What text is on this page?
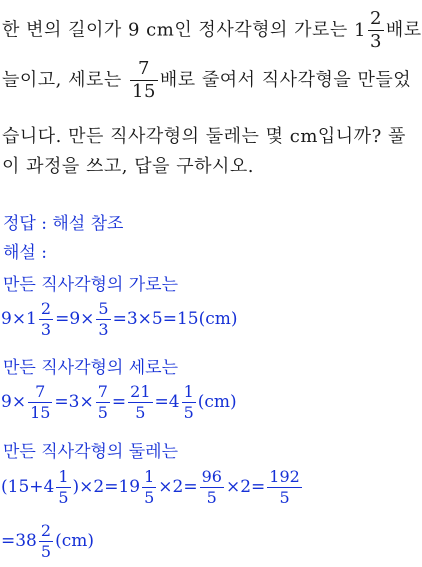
한 변의 길이가 9 cm인 정사각형의 가로는 $1 \frac{2}{3}$ 배로
늘이고, 세로는 $\frac{7}{15}$ 배로 줄여서 직사각형을 만들었
습니다. 만든 직사각형의 둘레는 몇 cm입니까? 풀
이 과정을 쓰고, 답을 구하시오.
정답 : 해설 참조
해설 :
만든 직사각형의 가로는
$9\times 1 \frac{2}{3} =9\times \frac{5}{3} =3\times 5=15(cm)$
만든 직사각형의 세로는
$9\times \frac{7}{15} =3\times \frac{7}{5} = \frac{21}{5} =4 \frac{1}{5} (cm)$
만든 직사각형의 둘레는
$(15+4 \frac{1}{5} )\times 2=19 \frac{1}{5} \times 2= \frac{96}{5} \times 2= \frac{192}{5}$
$=38 \frac{2}{5} (cm)$
